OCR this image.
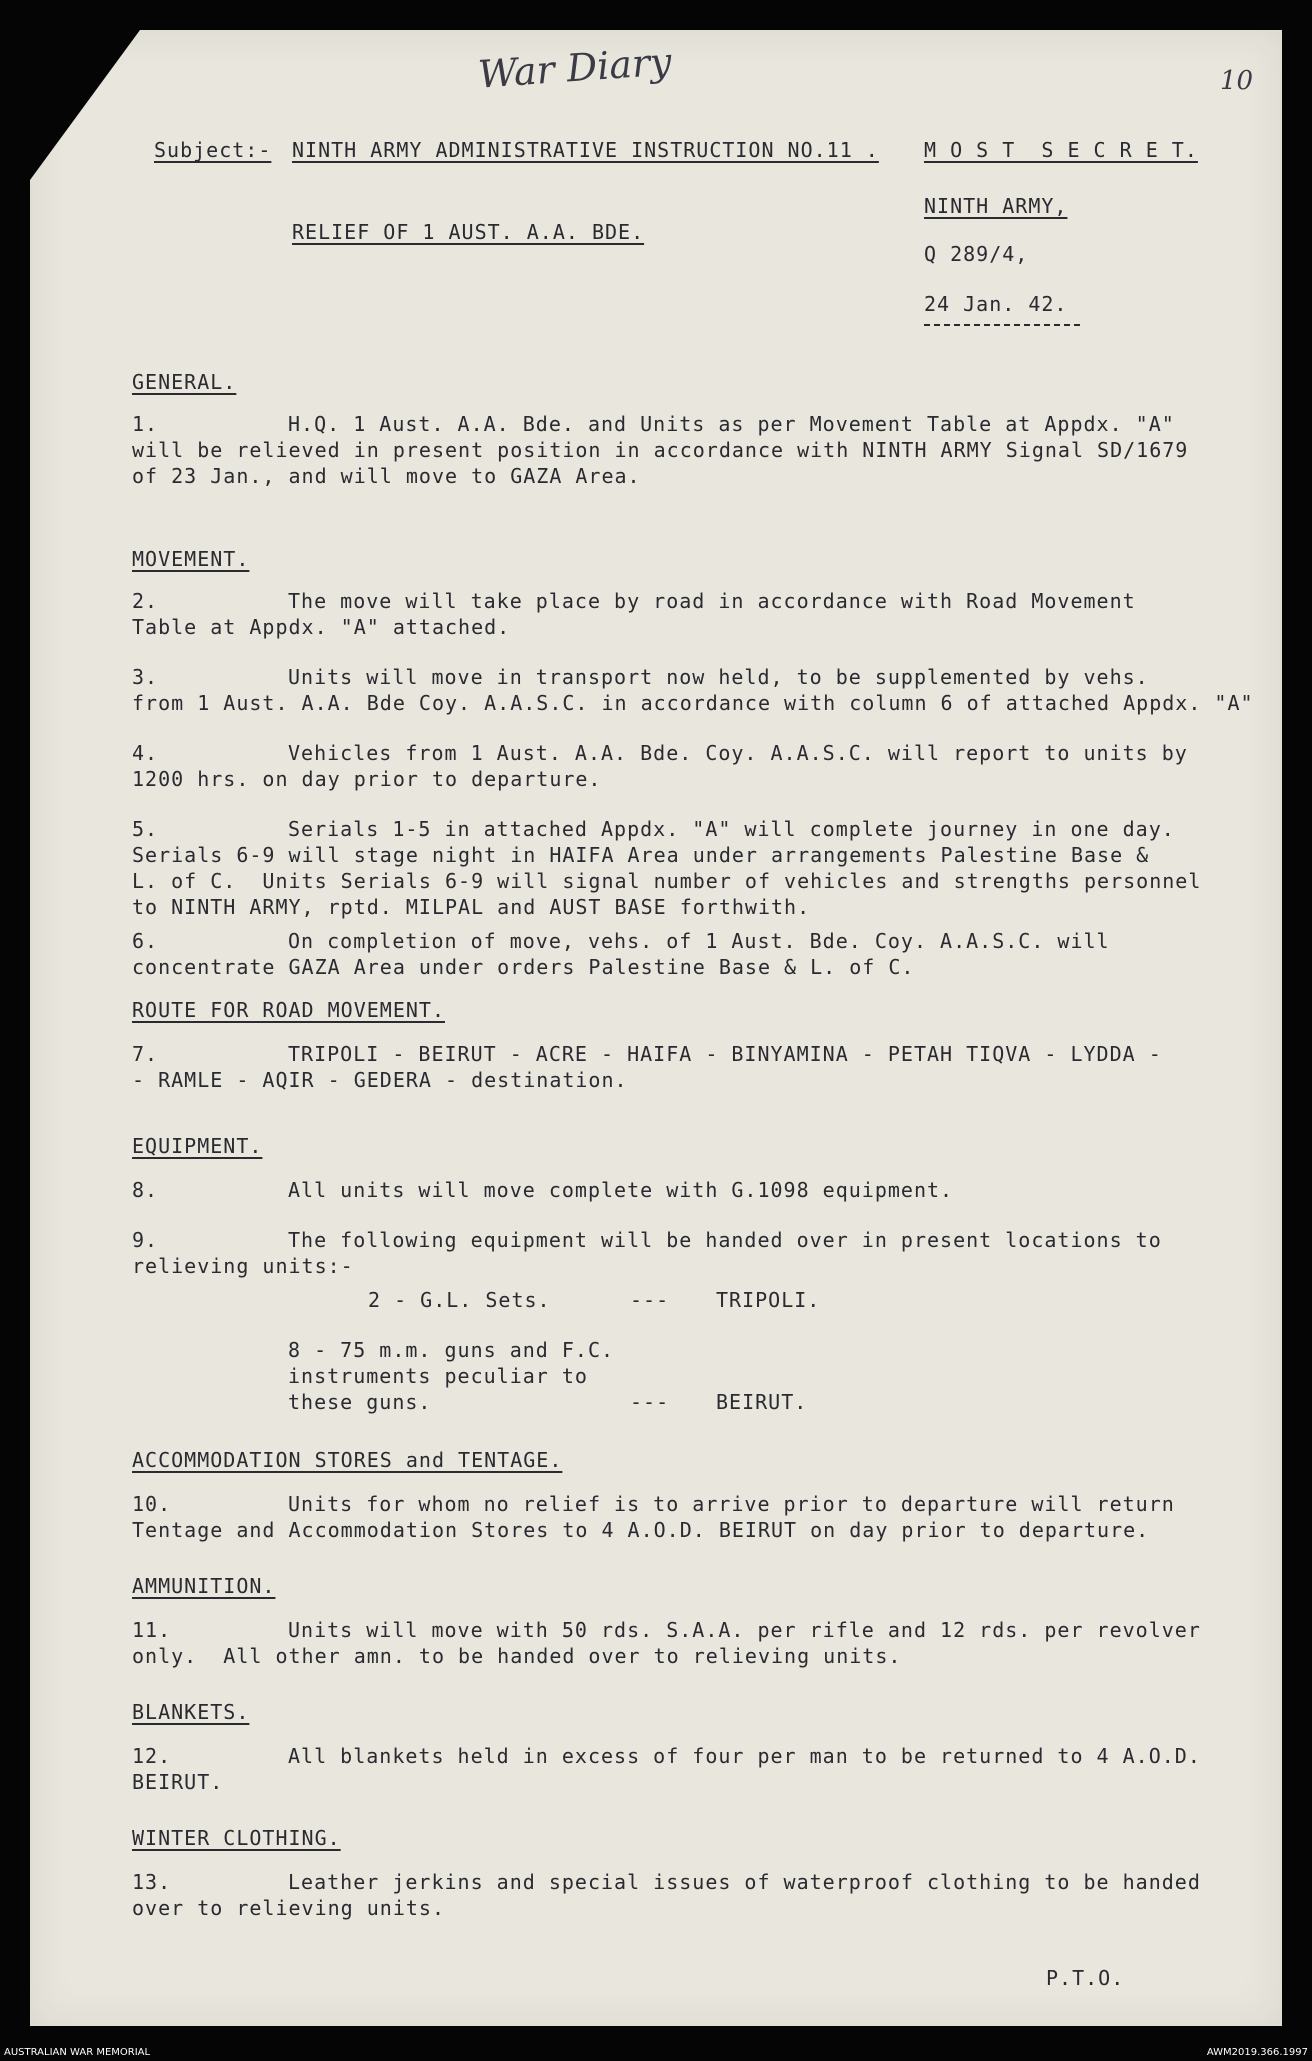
War Diary	10
Subject:- NINTH ARMY ADMINISTRATIVE INSTRUCTION NO.11 . M O S T  S E C R E T.
NINTH ARMY,
RELIEF OF 1 AUST. A.A. BDE.
Q 289/4,
24 Jan. 42.
GENERAL.
1.	H.Q. 1 Aust. A.A. Bde. and Units as per Movement Table at Appdx. "A"
will be relieved in present position in accordance with NINTH ARMY Signal SD/1679
of 23 Jan., and will move to GAZA Area.
MOVEMENT.
2.	The move will take place by road in accordance with Road Movement
Table at Appdx. "A" attached.
3.	Units will move in transport now held, to be supplemented by vehs.
from 1 Aust. A.A. Bde Coy. A.A.S.C. in accordance with column 6 of attached Appdx. "A"
4.	Vehicles from 1 Aust. A.A. Bde. Coy. A.A.S.C. will report to units by
1200 hrs. on day prior to departure.
5.	Serials 1-5 in attached Appdx. "A" will complete journey in one day.
Serials 6-9 will stage night in HAIFA Area under arrangements Palestine Base &
L. of C.  Units Serials 6-9 will signal number of vehicles and strengths personnel
to NINTH ARMY, rptd. MILPAL and AUST BASE forthwith.
6.	On completion of move, vehs. of 1 Aust. Bde. Coy. A.A.S.C. will
concentrate GAZA Area under orders Palestine Base & L. of C.
ROUTE FOR ROAD MOVEMENT.
7.	TRIPOLI - BEIRUT - ACRE - HAIFA - BINYAMINA - PETAH TIQVA - LYDDA -
- RAMLE - AQIR - GEDERA - destination.
EQUIPMENT.
8.	All units will move complete with G.1098 equipment.
9.	The following equipment will be handed over in present locations to
relieving units:-
ACCOMMODATION STORES and TENTAGE.
10.	Units for whom no relief is to arrive prior to departure will return
Tentage and Accommodation Stores to 4 A.O.D. BEIRUT on day prior to departure.
AMMUNITION.
11.	Units will move with 50 rds. S.A.A. per rifle and 12 rds. per revolver
only.  All other amn. to be handed over to relieving units.
BLANKETS.
12.	All blankets held in excess of four per man to be returned to 4 A.O.D.
BEIRUT.
WINTER CLOTHING.
13.	Leather jerkins and special issues of waterproof clothing to be handed
over to relieving units.
2 - G.L. Sets.	--- TRIPOLI.
8 - 75 m.m. guns and F.C.
instruments peculiar to
these guns.	--- BEIRUT.
P.T.O.
AUSTRALIAN WAR MEMORIAL	AWM2019.366.1997
